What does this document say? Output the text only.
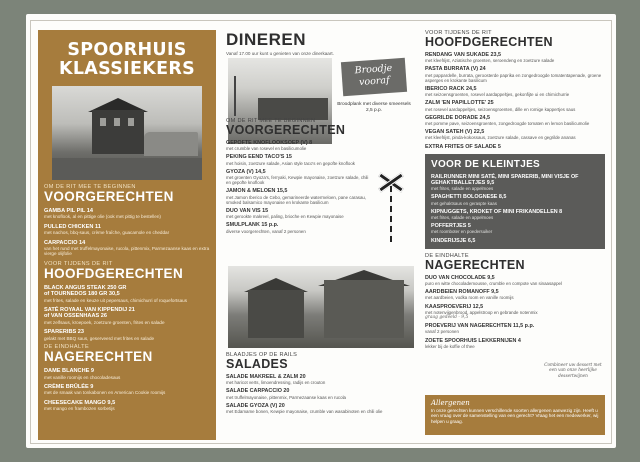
SPOORHUIS KLASSIEKERS
OM DE RIT MEE TE BEGINNEN
VOORGERECHTEN
GAMBA PIL PIL 14
met knoflook, al en pittige olie (ook met pittig te bestellen)
PULLED CHICKEN 11
met nachos, bbq-saus, crème fraîche, guacamole en cheddar
CARPACCIO 14
van het rund met truffelmayonaise, rucola, pittenmix, Parmezaanse kaas en extra vierge olijfolie
VOOR TIJDENS DE RIT
HOOFDGERECHTEN
BLACK ANGUS STEAK 250 GR
of TOURNEDOS 180 GR 30,5
met frites, salade en keuze uit pepersaus, chimichurri of roquefortsaus
SATÉ ROYAAL VAN KIPPENDIJ 21
of VAN OSSENHAAS 26
met zelfsaus, kroepoek, zoetzure groenten, frites en salade
SPARERIBS 23
gelakt met BBQ saus, geserveerd met frites en salade
DE EINDHALTE
NAGERECHTEN
DAME BLANCHE 9
met vanille roomijs en chocoladesaus
CRÈME BRÛLÉE 9
met de smaak van tonkabonen en American Cookie roomijs
CHEESECAKE MANGO 9,5
met mango en frambozen sorbetijs
DINEREN
Vanaf 17.00 uur kunt u genieten van onze dinerkaart.
Broodje vooraf
Broodplank met diverse smeersels 2,5 p.p.
OM DE RIT MEE TE BEGINNEN
VOORGERECHTEN
GEPOFTE KNOFLOOKSOEP (V) 8
met crumble van rosevel en basilicumolie
PEKING EEND TACO'S 15
met hoisin, zoetzure salade, Asian style taco's en gepofte knoflook
GYOZA (V) 14,5
met groenten Gyoza's, ferryaki, Kewpie mayonaise, zoetzure salade, chili en gepofte knoflook
JAMON & MELOEN 15,5
met Jamon Iberico de Cebo, gemarineerde watermeloen, pane carasau, smoked balsamico mayonaise en krokante basilicum
DUO VAN VIS 15
met gerookte makreel, paling, brioche en Kewpie mayonaise
SMULPLANK 15 p.p.
diverse voorgerechten, vanaf 2 personen
BLAADJES OP DE RAILS
SALADES
SALADE MAKREEL & ZALM 20
met haricot verts, limoendressing, radijs en crouton
SALADE CARPACCIO 20
met truffelmayonaise, pittenmix, Parmezaanse kaas en rucola
SALADE GYOZA (V) 20
met Edamame bonen, Kewpie mayonaise, crumble van wasabinoten en chili olie
VOOR TIJDENS DE RIT
HOOFDGERECHTEN
RENDANG VAN SUKADE 23,5
met kleefrijst, Aziatische groenten, seroendeng en zoetzure salade
PASTA BURRATA (V) 24
met pappardelle, burrata, geroosterde paprika en zongedroogde tomatentapenade, groene asperges en krokante basilicum
IBERICO RACK 24,5
met seizoensgroenten, rosevel aardappeltjes, gekonfijte ui en chimichurrie
ZALM 'EN PAPILLOTTE' 25
met rosevel aardappeltjes, seizoensgroenten, dille en romige kappertjes saus
GEGRILDE DORADE 24,5
met pomme pave, seizoensgroenten, zongedroogde tomaten en lemon basilicumolie
VEGAN SATEH (V) 22,5
met kleefrijst, pinda-kokossaus, zoetzure salade, cassave en gegrilde ananas
EXTRA FRITES OF SALADE 5
VOOR DE KLEINTJES
RAILRUNNER MINI SATÉ, MINI SPARERIB, MINI VISJE OF GEHAKTBALLETJES 9,5
met frites, salade en appelmoes
SPAGHETTI BOLOGNESE 8,5
met gehaktsaus en geraspte kaas
KIPNUGGETS, KROKET OF MINI FRIKANDELLEN 8
met frites, salade en appelmoes
POFFERTJES 5
met roomboter en poedersuiker
KINDERIJSJE 6,5
DE EINDHALTE
NAGERECHTEN
DUO VAN CHOCOLADE 9,5
puro en witte chocolademousse, crumble en compote van sinaasappel
AARDBEIEN ROMANOFF 9,5
met aardbeien, vodka room en vanille roomijs
KAASPROEVERIJ 12,5
met notenvijgenbrood, appelstroop en gebrande notenmix
graag gedeeld - 9,5
PROEVERIJ VAN NAGERECHTEN 11,5 p.p.
vanaf 2 personen
ZOETE SPOORHUIS LEKKERNIJEN 4
lekker bij de koffie of thee
Combineer uw dessert met een van onze heerlijke dessertwijnen
Allergenen
In onze gerechten kunnen verschillende soorten allergenen aanwezig zijn. Heeft u een vraag over de samenstelling van een gerecht? Vraag het een medewerker, wij helpen u graag.
